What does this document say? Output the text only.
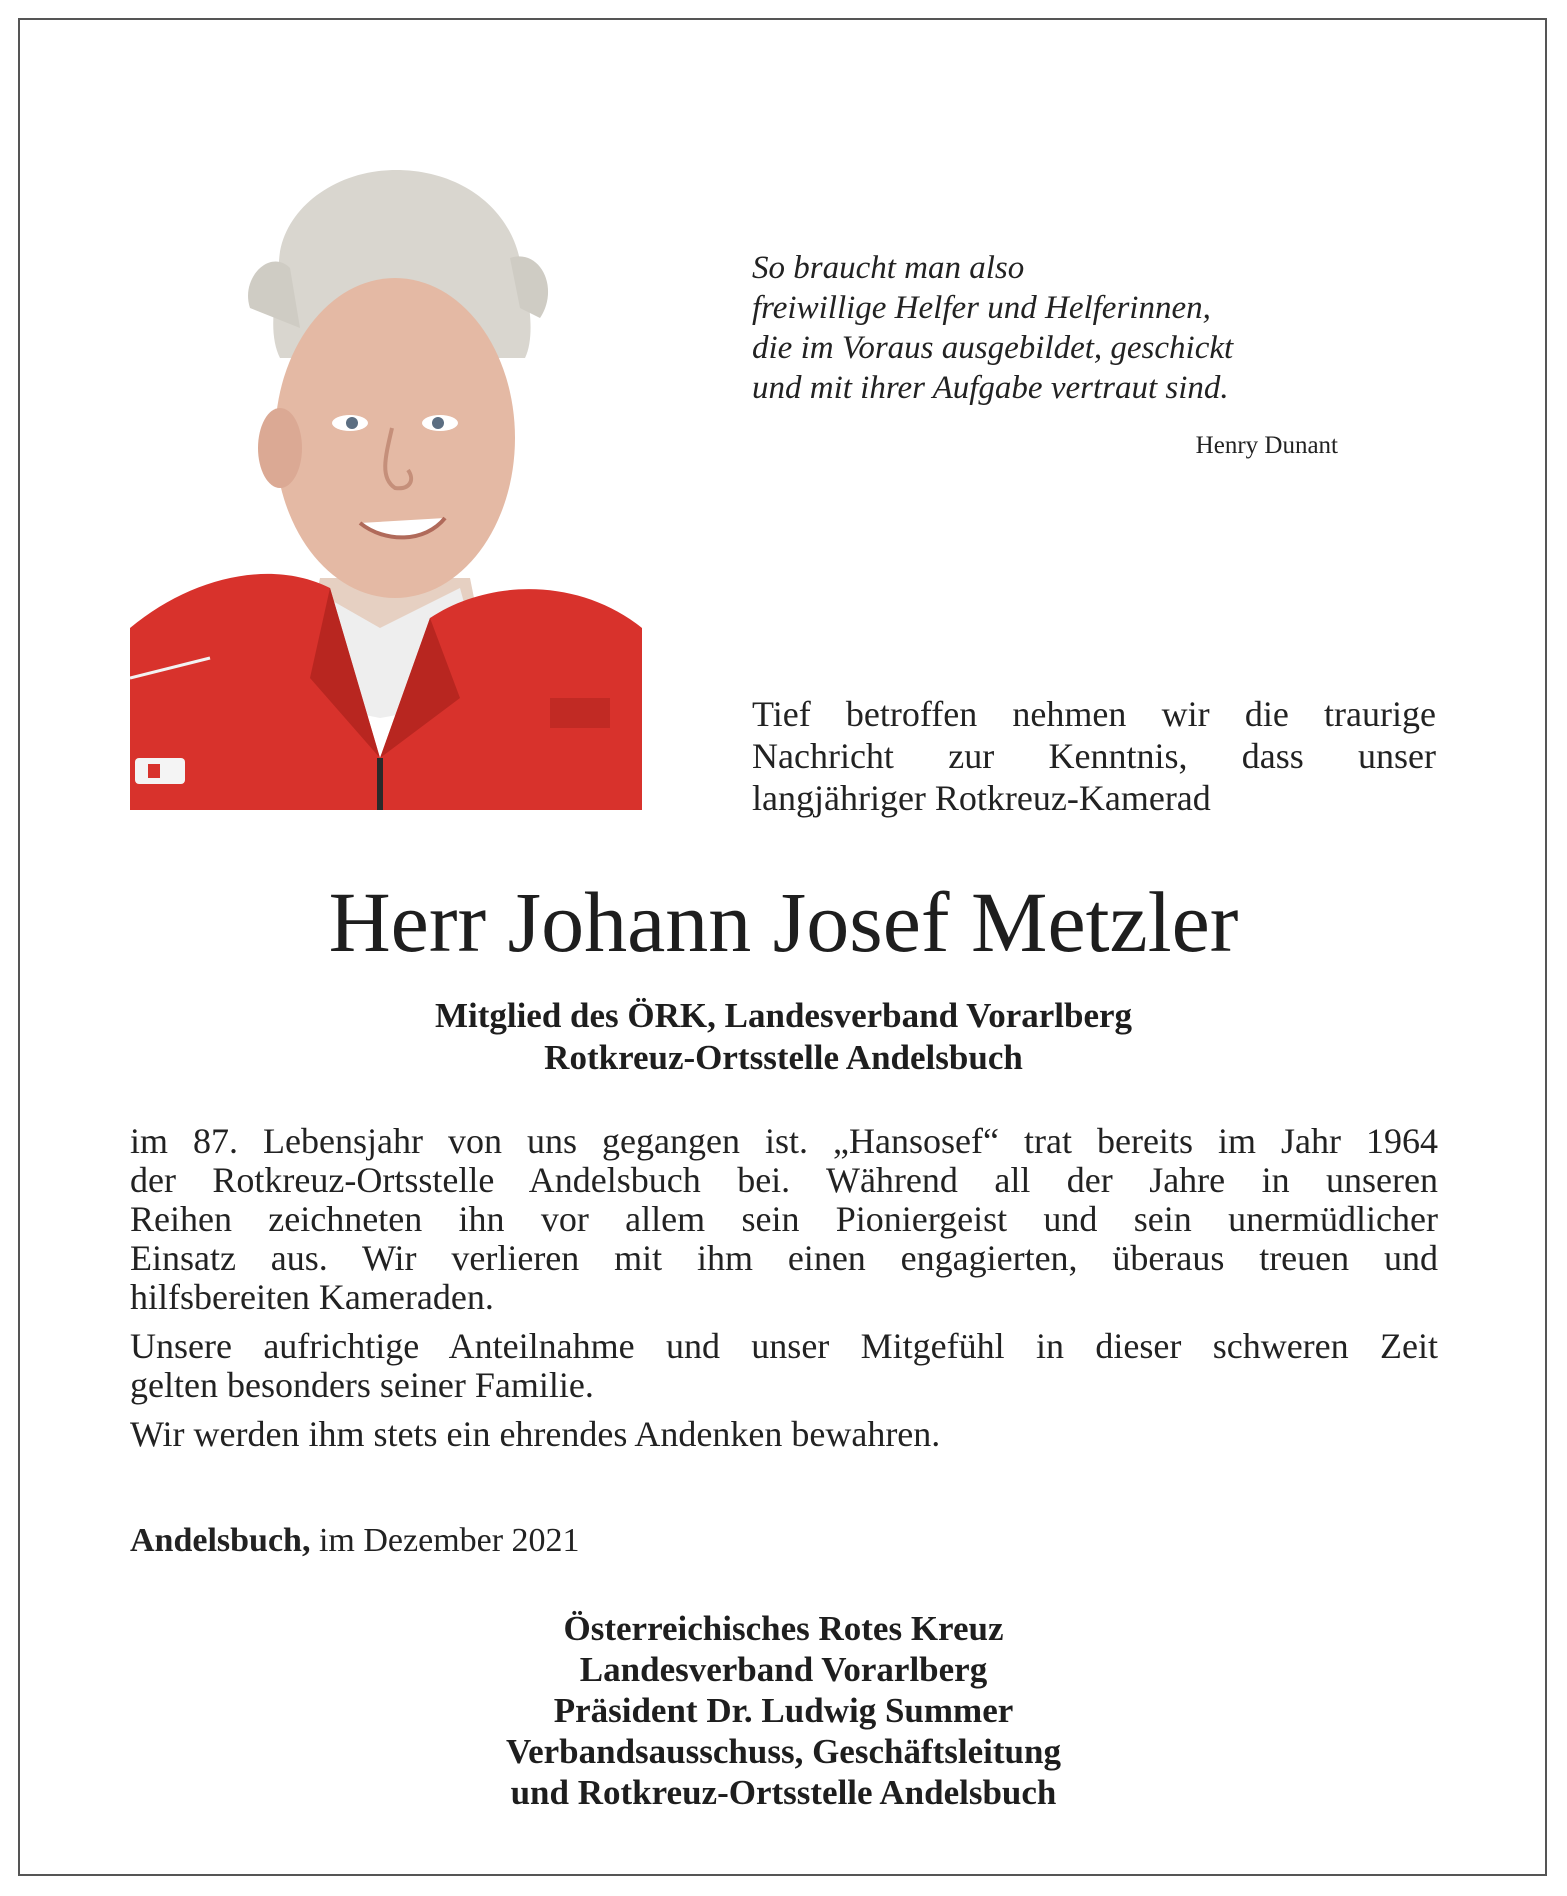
So braucht man also
freiwillige Helfer und Helferinnen,
die im Voraus ausgebildet, geschickt
und mit ihrer Aufgabe vertraut sind.
Henry Dunant
Tief betroffen nehmen wir die traurige
Nachricht zur Kenntnis, dass unser
langjähriger Rotkreuz-Kamerad
Herr Johann Josef Metzler
Mitglied des ÖRK, Landesverband Vorarlberg
Rotkreuz-Ortsstelle Andelsbuch
im 87. Lebensjahr von uns gegangen ist. „Hansosef“ trat bereits im Jahr 1964
der Rotkreuz-Ortsstelle Andelsbuch bei. Während all der Jahre in unseren
Reihen zeichneten ihn vor allem sein Pioniergeist und sein unermüdlicher
Einsatz aus. Wir verlieren mit ihm einen engagierten, überaus treuen und
hilfsbereiten Kameraden.
Unsere aufrichtige Anteilnahme und unser Mitgefühl in dieser schweren Zeit
gelten besonders seiner Familie.
Wir werden ihm stets ein ehrendes Andenken bewahren.
Andelsbuch, im Dezember 2021
Österreichisches Rotes Kreuz
Landesverband Vorarlberg
Präsident Dr. Ludwig Summer
Verbandsausschuss, Geschäftsleitung
und Rotkreuz-Ortsstelle Andelsbuch
